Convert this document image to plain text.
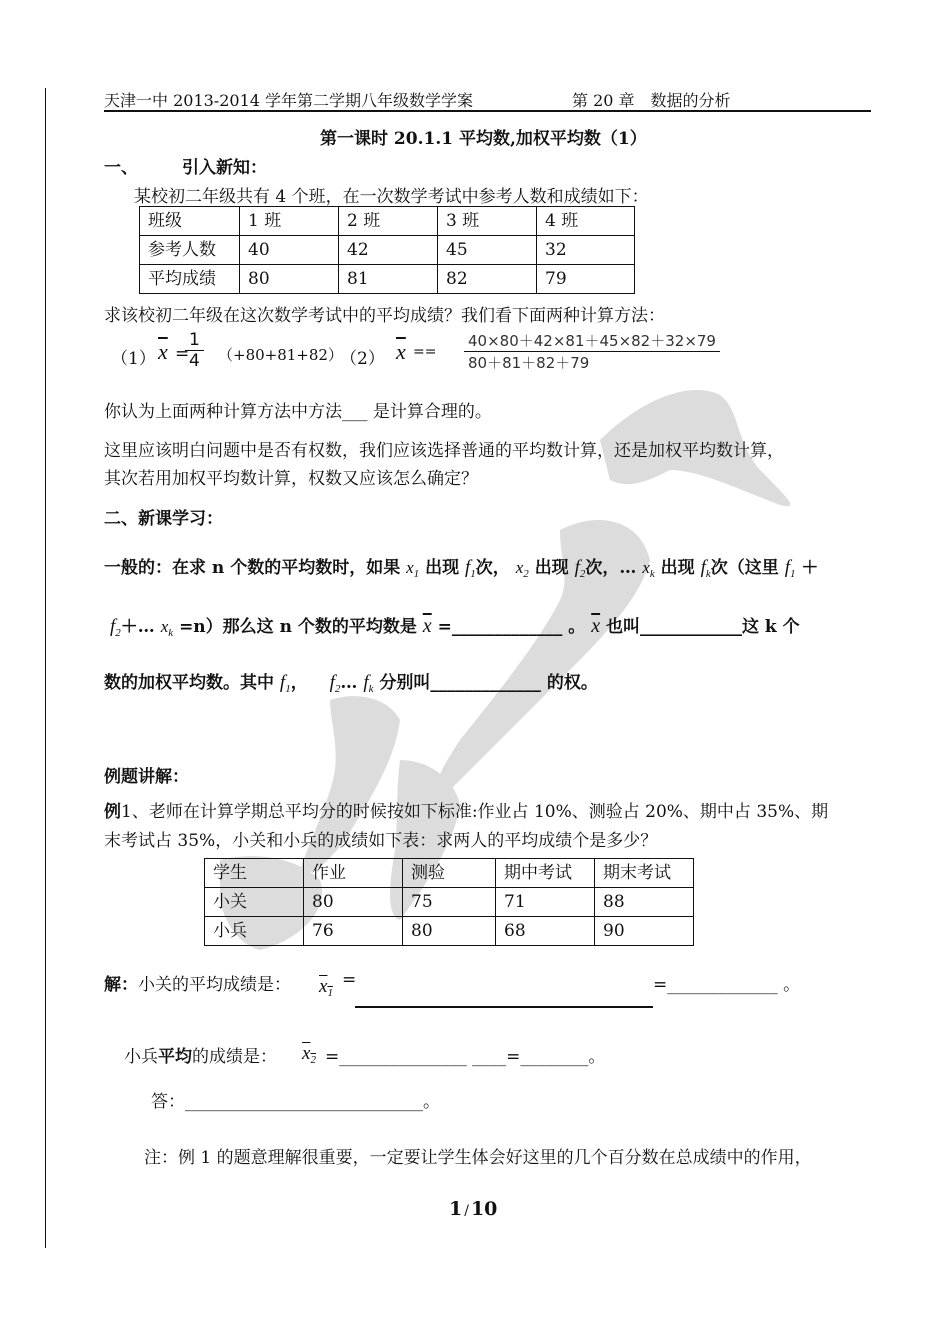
天津一中 2013-2014 学年第二学期八年级数学学案	第 20 章　数据的分析
第一课时 20.1.1 平均数,加权平均数（1）
一、	引入新知：
某校初二年级共有 4 个班，在一次数学考试中参考人数和成绩如下：
班级	1 班	2 班	3 班	4 班
参考人数	40	42	45	32
平均成绩	80	81	82	79
求该校初二年级在这次数学考试中的平均成绩？我们看下面两种计算方法：
（1） $\overline{x}$ =
$\frac{1}{4} (+80+81+82)$
（2） $\overline{x} == \frac{40\times 80+42\times 81+45\times 82+32\times 79}{80+81+82+79}$
你认为上面两种计算方法中方法___ 是计算合理的。
这里应该明白问题中是否有权数，我们应该选择普通的平均数计算，还是加权平均数计算，
其次若用加权平均数计算，权数又应该怎么确定？
二、新课学习：
一般的：在求 n 个数的平均数时，如果 $x_1$ 出现 $f_1$次， $x_2$ 出现 $f_2$次，… $x_k$ 出现 $f_k$次（这里 $f_1$ ＋
$f_2+\dots$ $x_k =n$）那么这 n 个数的平均数是 $\overline{x}$ =_____________ 。 $\overline{x}$ 也叫____________这 k 个
数的加权平均数。其中 $f_1$， $f_2\dots$ $f_k$ 分别叫_____________ 的权。
例题讲解：
例1、老师在计算学期总平均分的时候按如下标准:作业占 10%、测验占 20%、期中占 35%、期
末考试占 35%，小关和小兵的成绩如下表：求两人的平均成绩个是多少？
学生	作业	测验	期中考试	期末考试
小关	80	75	71	88
小兵	76	80	68	90
解：小关的平均成绩是： $x_1$
=	=_____________ 。
小兵平均的成绩是： $x_2$ =_______________ ____=________。
答：____________________________。
注：例 1 的题意理解很重要，一定要让学生体会好这里的几个百分数在总成绩中的作用，
1 / 10
